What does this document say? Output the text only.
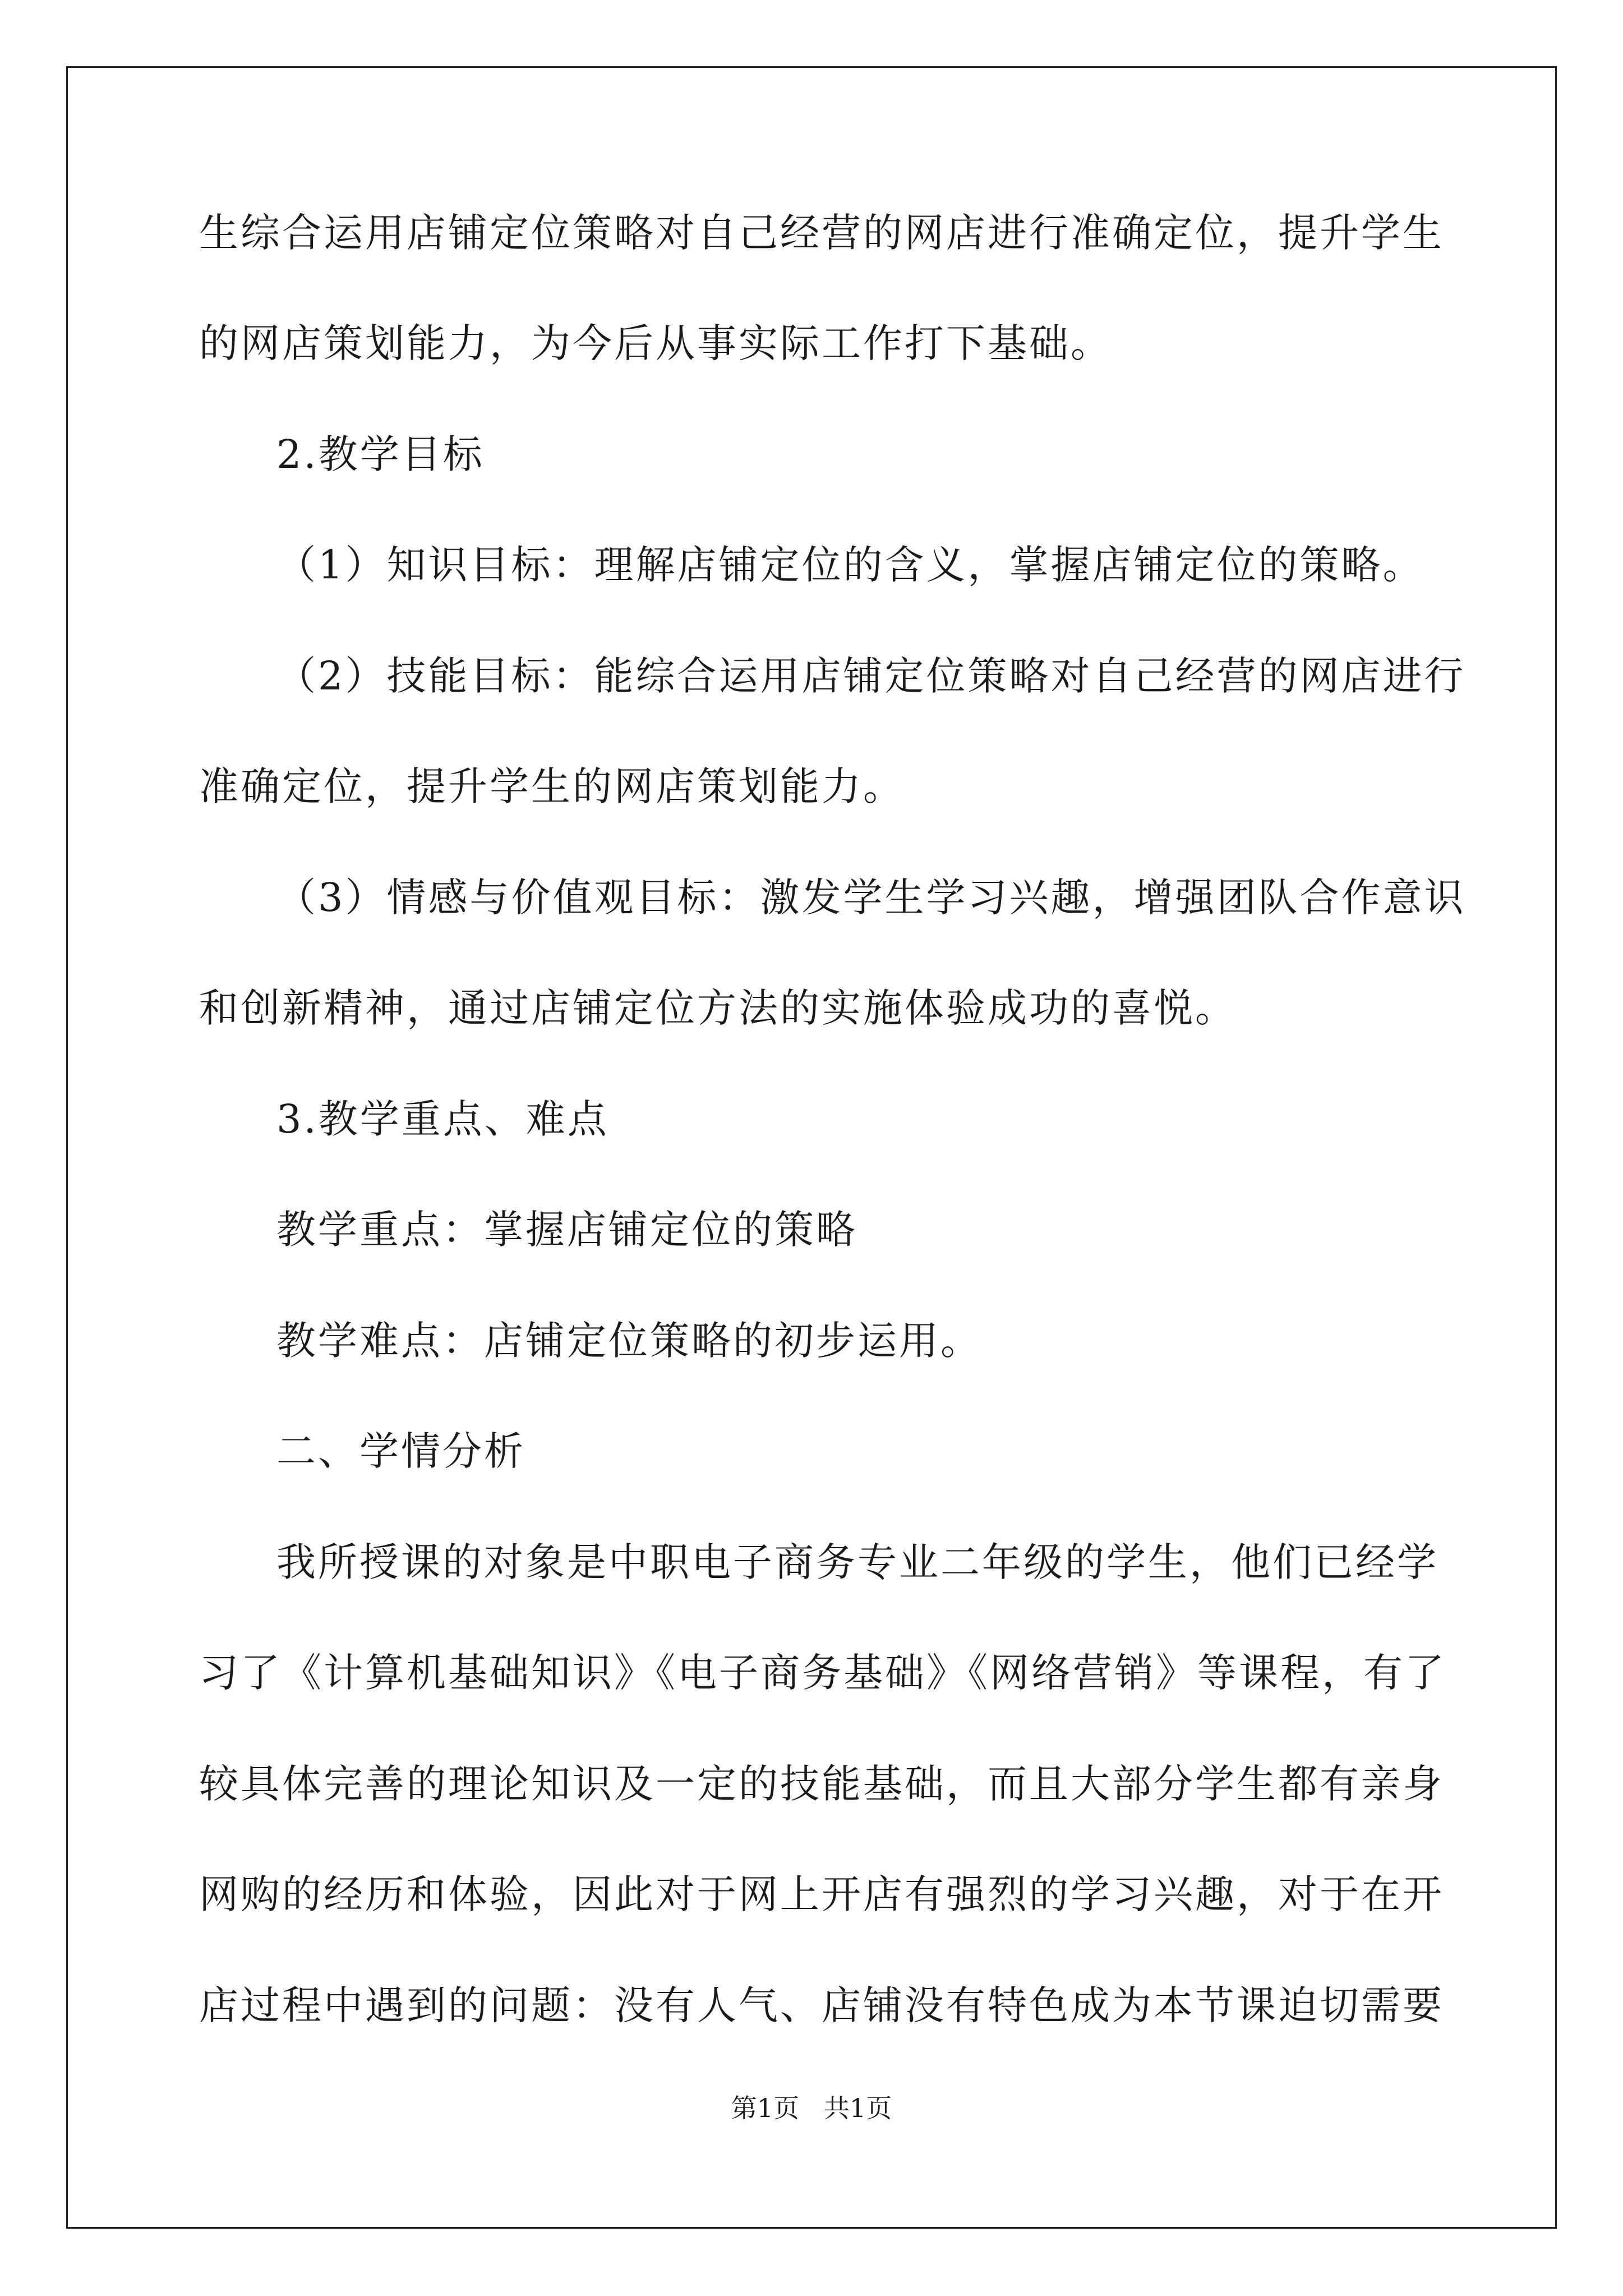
生综合运用店铺定位策略对自己经营的网店进行准确定位，提升学生
的网店策划能力，为今后从事实际工作打下基础。
2.教学目标
（1）知识目标：理解店铺定位的含义，掌握店铺定位的策略。
（2）技能目标：能综合运用店铺定位策略对自己经营的网店进行
准确定位，提升学生的网店策划能力。
（3）情感与价值观目标：激发学生学习兴趣，增强团队合作意识
和创新精神，通过店铺定位方法的实施体验成功的喜悦。
3.教学重点、难点
教学重点：掌握店铺定位的策略
教学难点：店铺定位策略的初步运用。
二、学情分析
我所授课的对象是中职电子商务专业二年级的学生，他们已经学
习了《计算机基础知识》《电子商务基础》《网络营销》等课程，有了
较具体完善的理论知识及一定的技能基础，而且大部分学生都有亲身
网购的经历和体验，因此对于网上开店有强烈的学习兴趣，对于在开
店过程中遇到的问题：没有人气、店铺没有特色成为本节课迫切需要
第1页   共1页
